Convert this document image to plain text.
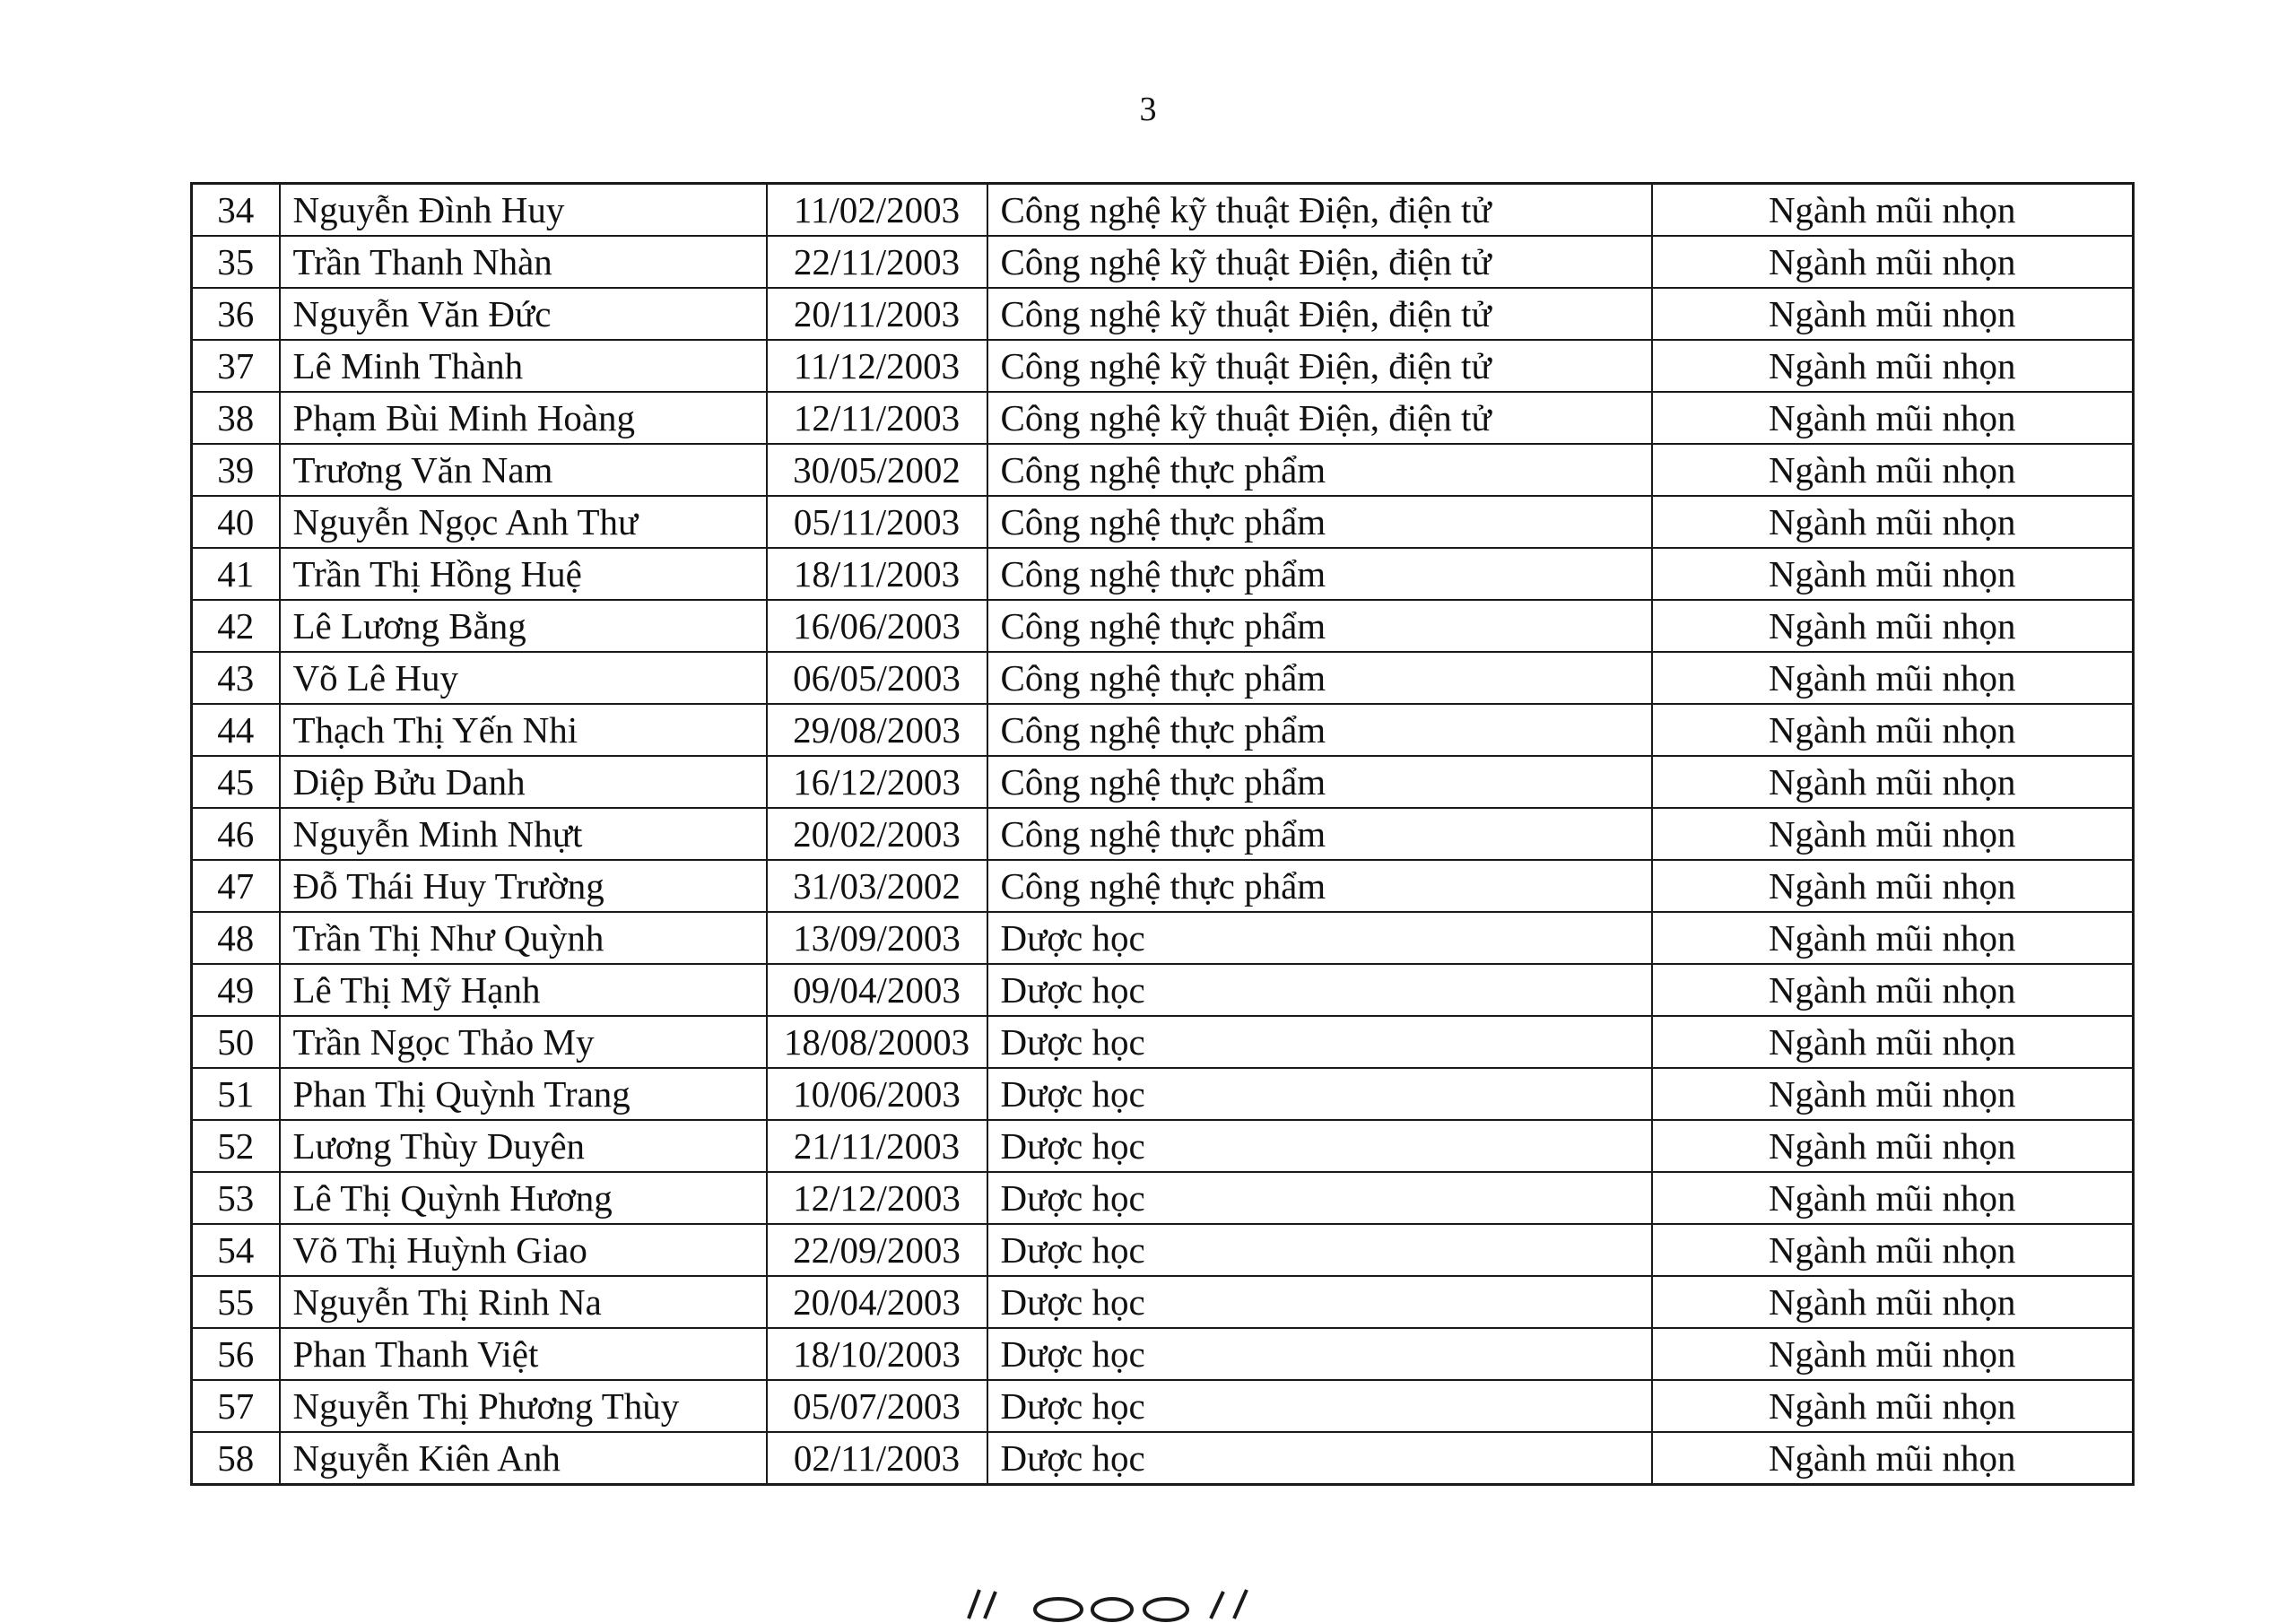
3
34	Nguyễn Đình Huy	11/02/2003	Công nghệ kỹ thuật Điện, điện tử	Ngành mũi nhọn
35	Trần Thanh Nhàn	22/11/2003	Công nghệ kỹ thuật Điện, điện tử	Ngành mũi nhọn
36	Nguyễn Văn Đức	20/11/2003	Công nghệ kỹ thuật Điện, điện tử	Ngành mũi nhọn
37	Lê Minh Thành	11/12/2003	Công nghệ kỹ thuật Điện, điện tử	Ngành mũi nhọn
38	Phạm Bùi Minh Hoàng	12/11/2003	Công nghệ kỹ thuật Điện, điện tử	Ngành mũi nhọn
39	Trương Văn Nam	30/05/2002	Công nghệ thực phẩm	Ngành mũi nhọn
40	Nguyễn Ngọc Anh Thư	05/11/2003	Công nghệ thực phẩm	Ngành mũi nhọn
41	Trần Thị Hồng Huệ	18/11/2003	Công nghệ thực phẩm	Ngành mũi nhọn
42	Lê Lương Bằng	16/06/2003	Công nghệ thực phẩm	Ngành mũi nhọn
43	Võ Lê Huy	06/05/2003	Công nghệ thực phẩm	Ngành mũi nhọn
44	Thạch Thị Yến Nhi	29/08/2003	Công nghệ thực phẩm	Ngành mũi nhọn
45	Diệp Bửu Danh	16/12/2003	Công nghệ thực phẩm	Ngành mũi nhọn
46	Nguyễn Minh Nhựt	20/02/2003	Công nghệ thực phẩm	Ngành mũi nhọn
47	Đỗ Thái Huy Trường	31/03/2002	Công nghệ thực phẩm	Ngành mũi nhọn
48	Trần Thị Như Quỳnh	13/09/2003	Dược học	Ngành mũi nhọn
49	Lê Thị Mỹ Hạnh	09/04/2003	Dược học	Ngành mũi nhọn
50	Trần Ngọc Thảo My	18/08/20003	Dược học	Ngành mũi nhọn
51	Phan Thị Quỳnh Trang	10/06/2003	Dược học	Ngành mũi nhọn
52	Lương Thùy Duyên	21/11/2003	Dược học	Ngành mũi nhọn
53	Lê Thị Quỳnh Hương	12/12/2003	Dược học	Ngành mũi nhọn
54	Võ Thị Huỳnh Giao	22/09/2003	Dược học	Ngành mũi nhọn
55	Nguyễn Thị Rinh Na	20/04/2003	Dược học	Ngành mũi nhọn
56	Phan Thanh Việt	18/10/2003	Dược học	Ngành mũi nhọn
57	Nguyễn Thị Phương Thùy	05/07/2003	Dược học	Ngành mũi nhọn
58	Nguyễn Kiên Anh	02/11/2003	Dược học	Ngành mũi nhọn
